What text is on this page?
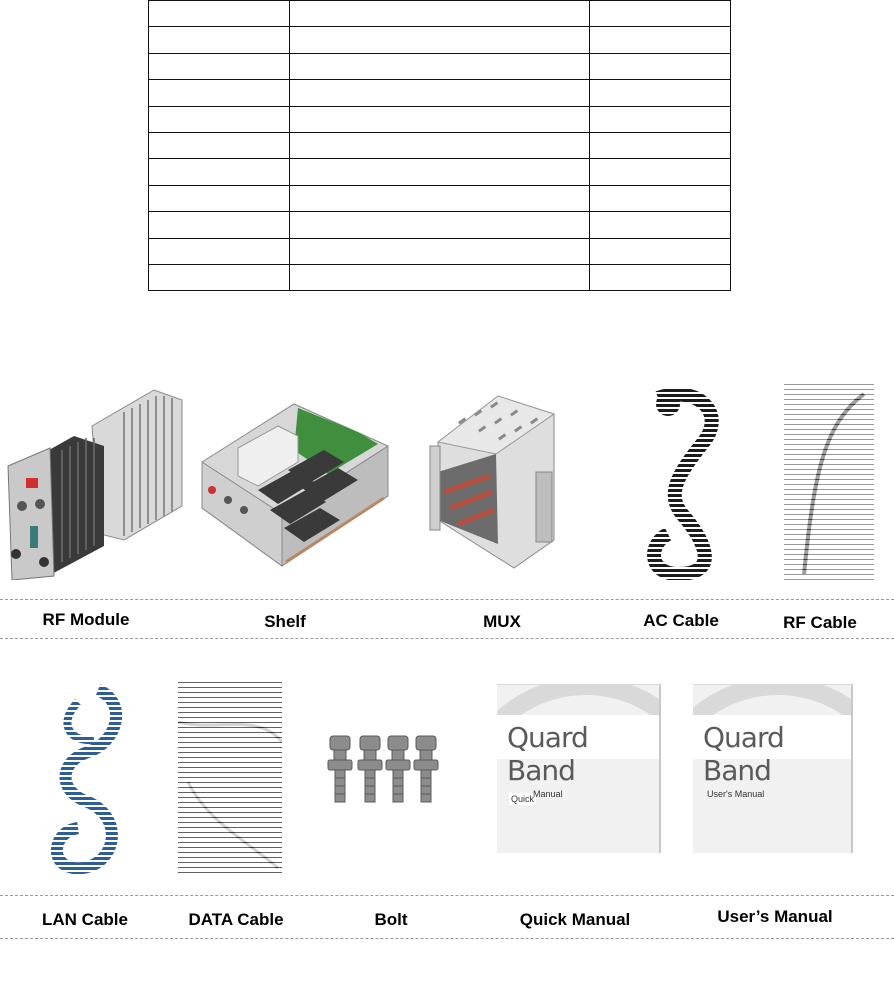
RF Module	Shelf	MUX	AC Cable	RF Cable
Quard Band
Quick
Manual
Quard Band
User's Manual
LAN Cable	DATA Cable	Bolt	Quick Manual	User’s Manual
